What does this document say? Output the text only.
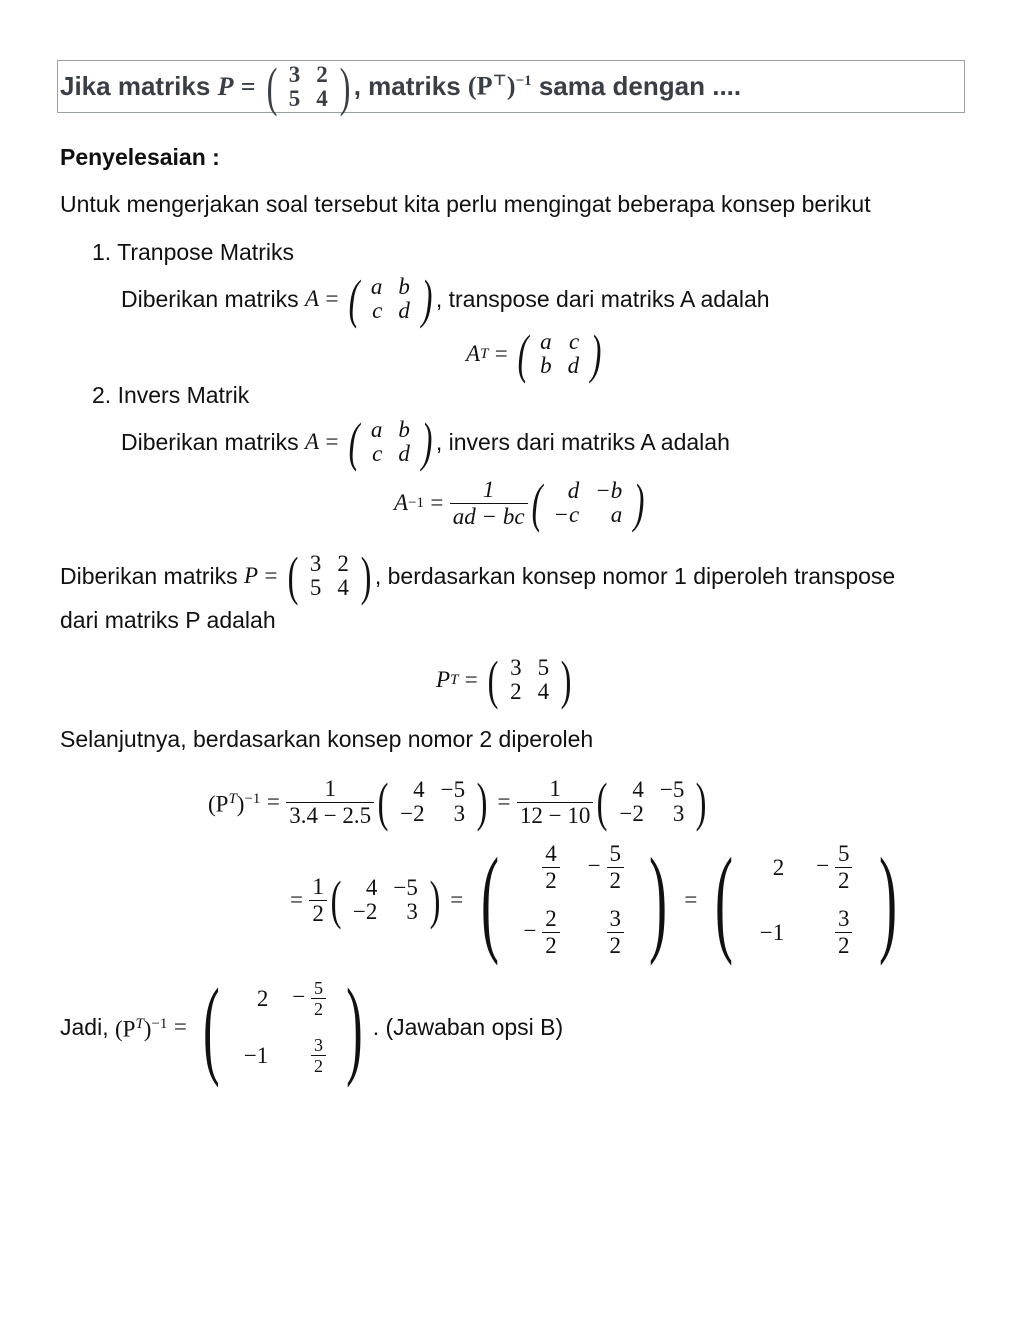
Jika matriks
P
=
( 3	2
5	4 ) , matriks
$(P^⊤)^{-1}$
sama dengan ....
Penyelesaian :
Untuk mengerjakan soal tersebut kita perlu mengingat beberapa konsep berikut
1. Tranpose Matriks
Diberikan matriks
A
=
( a	b
c	d ) , transpose dari matriks A adalah
A T
=
( a	c
b	d )
2. Invers Matrik
Diberikan matriks
A
=
( a	b
c	d ) , invers dari matriks A adalah
A −1
=
$\frac{1}{ad - bc}$ ( d	−b
−c	a )
Diberikan matriks
P
=
( 3	2
5	4 ) , berdasarkan konsep nomor 1 diperoleh transpose
dari matriks P adalah
P T
=
( 3	5
2	4 )
Selanjutnya, berdasarkan konsep nomor 2 diperoleh
$(P^T)^{-1}$
=
$\frac{1}{3.4 - 2.5}$ ( 4	−5
−2	3 )
=
$\frac{1}{12 - 10}$ ( 4	−5
−2	3 )
=
$\frac{1}{2}$ ( 4	−5
−2	3 )
=
( $\frac{4}{2}$	− $\frac{5}{2}$

− $\frac{2}{2}$	$\frac{3}{2}$ )
=
( 2	− $\frac{5}{2}$

−1	$\frac{3}{2}$ )
Jadi,
$(P^T)^{-1}$
=
( 2	− $\frac{5}{2}$

−1	$\frac{3}{2}$ ) . (Jawaban opsi B)
